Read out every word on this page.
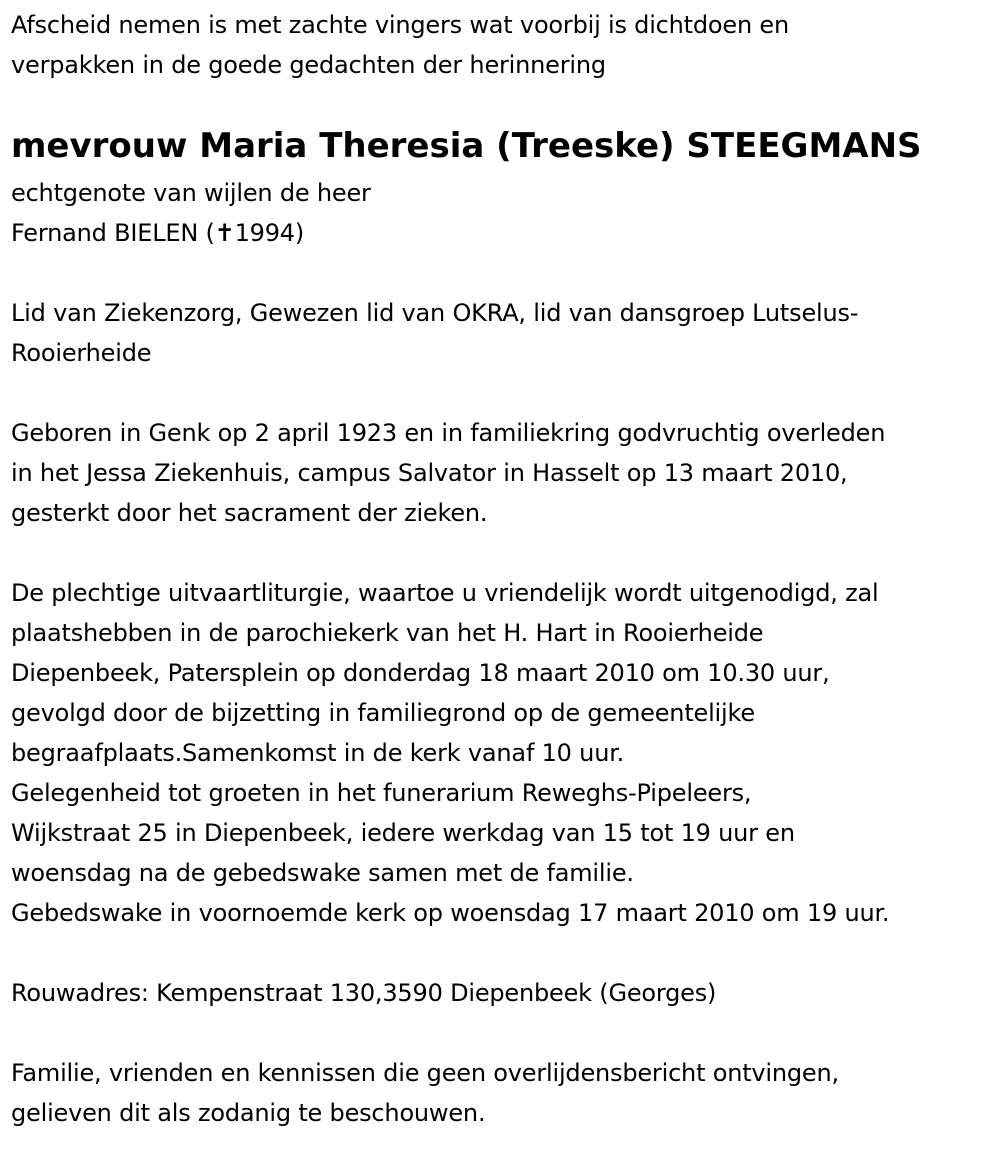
Afscheid nemen is met zachte vingers wat voorbij is dichtdoen en

verpakken in de goede gedachten der herinnering

mevrouw Maria Theresia (Treeske) STEEGMANS

echtgenote van wijlen de heer

Fernand BIELEN (✝1994)

Lid van Ziekenzorg, Gewezen lid van OKRA, lid van dansgroep Lutselus-

Rooierheide

Geboren in Genk op 2 april 1923 en in familiekring godvruchtig overleden

in het Jessa Ziekenhuis, campus Salvator in Hasselt op 13 maart 2010,

gesterkt door het sacrament der zieken.

De plechtige uitvaartliturgie, waartoe u vriendelijk wordt uitgenodigd, zal

plaatshebben in de parochiekerk van het H. Hart in Rooierheide

Diepenbeek, Patersplein op donderdag 18 maart 2010 om 10.30 uur,

gevolgd door de bijzetting in familiegrond op de gemeentelijke

begraafplaats.Samenkomst in de kerk vanaf 10 uur.

Gelegenheid tot groeten in het funerarium Reweghs-Pipeleers,

Wijkstraat 25 in Diepenbeek, iedere werkdag van 15 tot 19 uur en

woensdag na de gebedswake samen met de familie.

Gebedswake in voornoemde kerk op woensdag 17 maart 2010 om 19 uur.

Rouwadres: Kempenstraat 130,3590 Diepenbeek (Georges)

Familie, vrienden en kennissen die geen overlijdensbericht ontvingen,

gelieven dit als zodanig te beschouwen.
